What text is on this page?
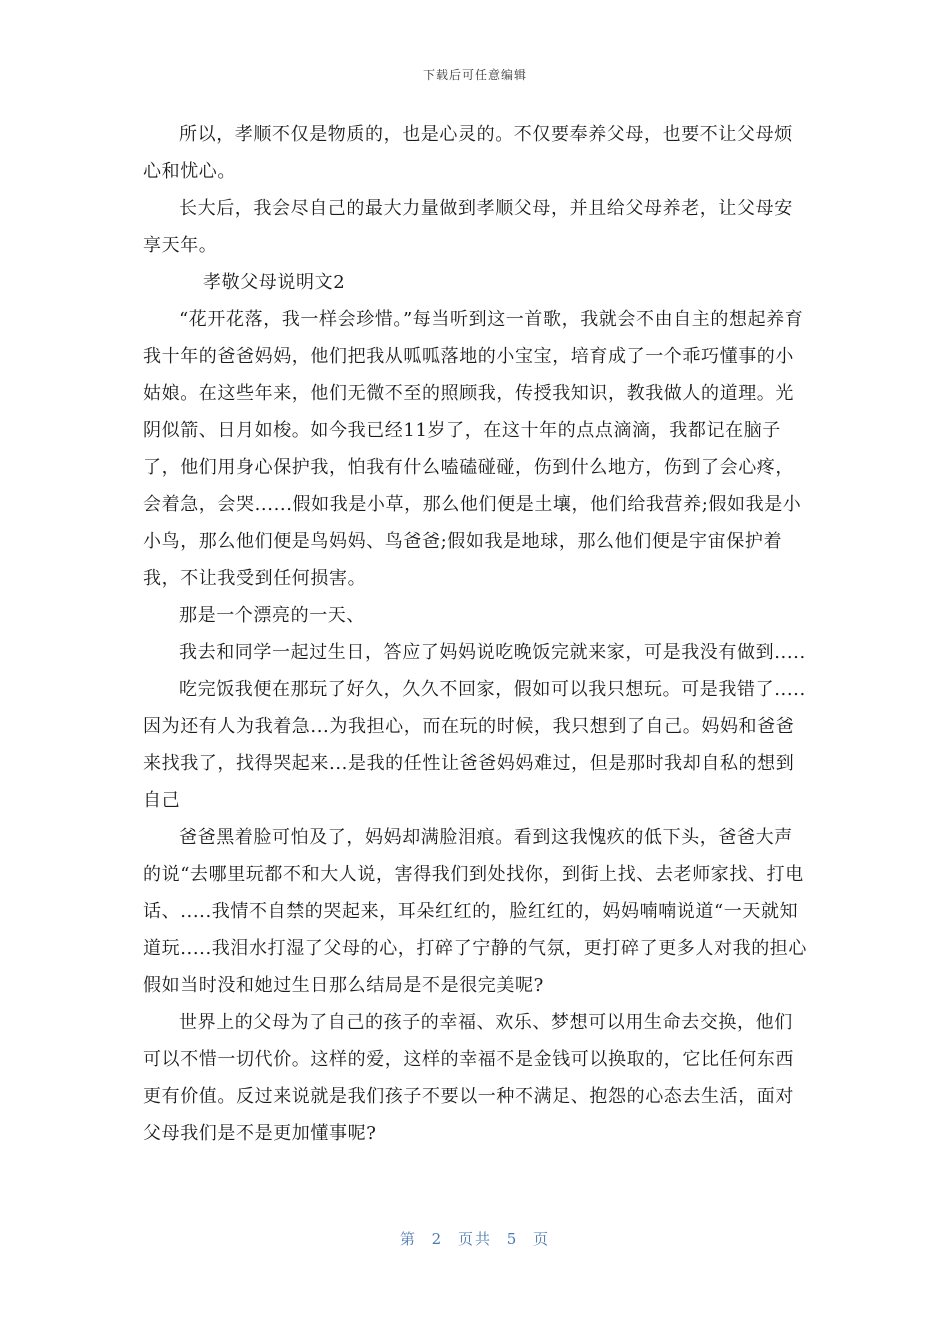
下载后可任意编辑

所以，孝顺不仅是物质的，也是心灵的。不仅要奉养父母，也要不让父母烦心和忧心。

长大后，我会尽自己的最大力量做到孝顺父母，并且给父母养老，让父母安享天年。

孝敬父母说明文2

“花开花落，我一样会珍惜。”每当听到这一首歌，我就会不由自主的想起养育我十年的爸爸妈妈，他们把我从呱呱落地的小宝宝，培育成了一个乖巧懂事的小姑娘。在这些年来，他们无微不至的照顾我，传授我知识，教我做人的道理。光阴似箭、日月如梭。如今我已经11岁了，在这十年的点点滴滴，我都记在脑子了，他们用身心保护我，怕我有什么嗑磕碰碰，伤到什么地方，伤到了会心疼，会着急，会哭......假如我是小草，那么他们便是土壤，他们给我营养;假如我是小小鸟，那么他们便是鸟妈妈、鸟爸爸;假如我是地球，那么他们便是宇宙保护着我，不让我受到任何损害。

那是一个漂亮的一天、

我去和同学一起过生日，答应了妈妈说吃晚饭完就来家，可是我没有做到.....

吃完饭我便在那玩了好久，久久不回家，假如可以我只想玩。可是我错了.....因为还有人为我着急...为我担心，而在玩的时候，我只想到了自己。妈妈和爸爸来找我了，找得哭起来...是我的任性让爸爸妈妈难过，但是那时我却自私的想到自己

爸爸黑着脸可怕及了，妈妈却满脸泪痕。看到这我愧疚的低下头，爸爸大声的说“去哪里玩都不和大人说，害得我们到处找你，到街上找、去老师家找、打电话、.....我情不自禁的哭起来，耳朵红红的，脸红红的，妈妈喃喃说道“一天就知道玩.....我泪水打湿了父母的心，打碎了宁静的气氛，更打碎了更多人对我的担心假如当时没和她过生日那么结局是不是很完美呢?

世界上的父母为了自己的孩子的幸福、欢乐、梦想可以用生命去交换，他们可以不惜一切代价。这样的爱，这样的幸福不是金钱可以换取的，它比任何东西更有价值。反过来说就是我们孩子不要以一种不满足、抱怨的心态去生活，面对父母我们是不是更加懂事呢?

第 2 页共 5 页
